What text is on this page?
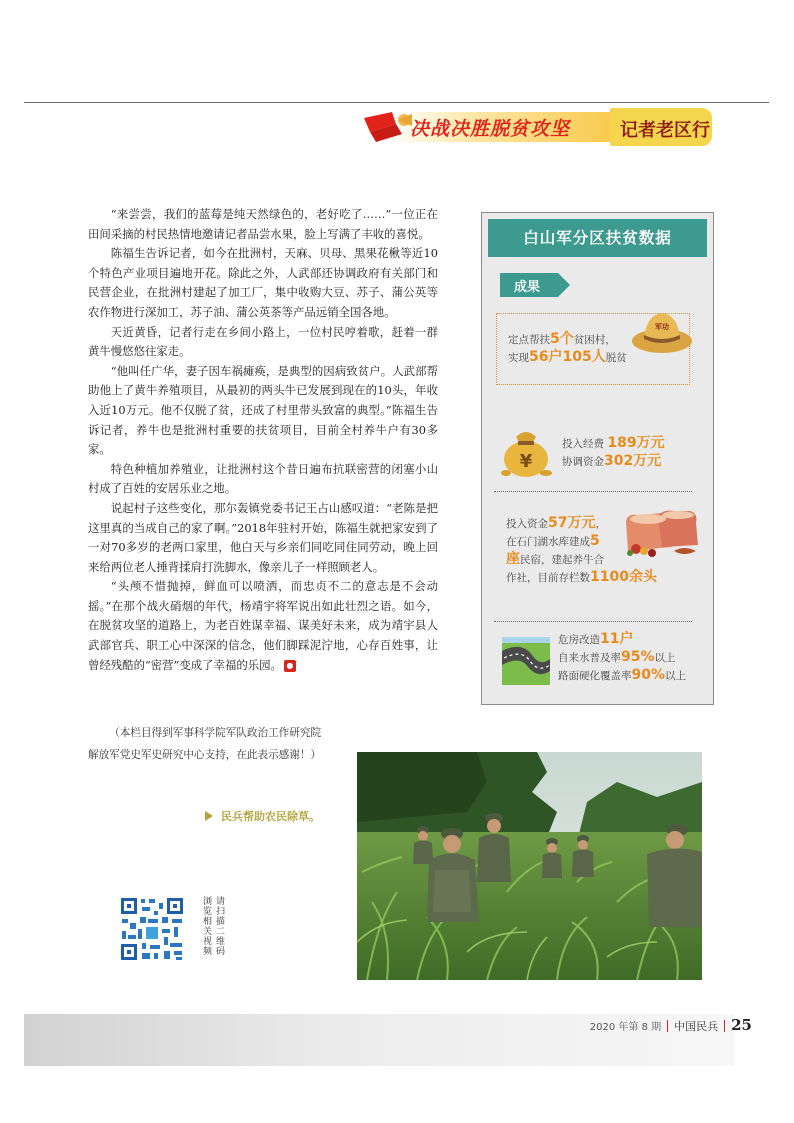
决战决胜脱贫攻坚	记者老区行

“来尝尝，我们的蓝莓是纯天然绿色的，老好吃了……”一位正在田间采摘的村民热情地邀请记者品尝水果，脸上写满了丰收的喜悦。

陈福生告诉记者，如今在批洲村，天麻、贝母、黑果花楸等近10个特色产业项目遍地开花。除此之外，人武部还协调政府有关部门和民营企业，在批洲村建起了加工厂，集中收购大豆、苏子、蒲公英等农作物进行深加工，苏子油、蒲公英茶等产品远销全国各地。

天近黄昏，记者行走在乡间小路上，一位村民哼着歌，赶着一群黄牛慢悠悠往家走。

“他叫任广华，妻子因车祸瘫痪，是典型的因病致贫户。人武部帮助他上了黄牛养殖项目，从最初的两头牛已发展到现在的10头，年收入近10万元。他不仅脱了贫，还成了村里带头致富的典型。”陈福生告诉记者，养牛也是批洲村重要的扶贫项目，目前全村养牛户有30多家。

特色种植加养殖业，让批洲村这个昔日遍布抗联密营的闭塞小山村成了百姓的安居乐业之地。

说起村子这些变化，那尔轰镇党委书记王占山感叹道：“老陈是把这里真的当成自己的家了啊。”2018年驻村开始，陈福生就把家安到了一对70多岁的老两口家里，他白天与乡亲们同吃同住同劳动，晚上回来给两位老人捶背揉肩打洗脚水，像亲儿子一样照顾老人。

“头颅不惜抛掉，鲜血可以喷洒，而忠贞不二的意志是不会动摇。”在那个战火硝烟的年代，杨靖宇将军说出如此壮烈之语。如今，在脱贫攻坚的道路上，为老百姓谋幸福、谋美好未来，成为靖宇县人武部官兵、职工心中深深的信念，他们脚踩泥泞地，心存百姓事，让曾经残酷的“密营”变成了幸福的乐园。 ●

（本栏目得到军事科学院军队政治工作研究院解放军党史军史研究中心支持，在此表示感谢！）

民兵帮助农民除草。
请扫描二维码
浏览相关视频
白山军分区扶贫数据
成果
军功
定点帮扶5个贫困村，
实现56户105人脱贫
¥
投入经费 189万元
协调资金302万元
投入资金57万元，
在石门湖水库建成5
座民宿，建起养牛合
作社，目前存栏数1100余头
危房改造11户
自来水普及率95%以上
路面硬化覆盖率90%以上
2020 年第 8 期 中国民兵 25
